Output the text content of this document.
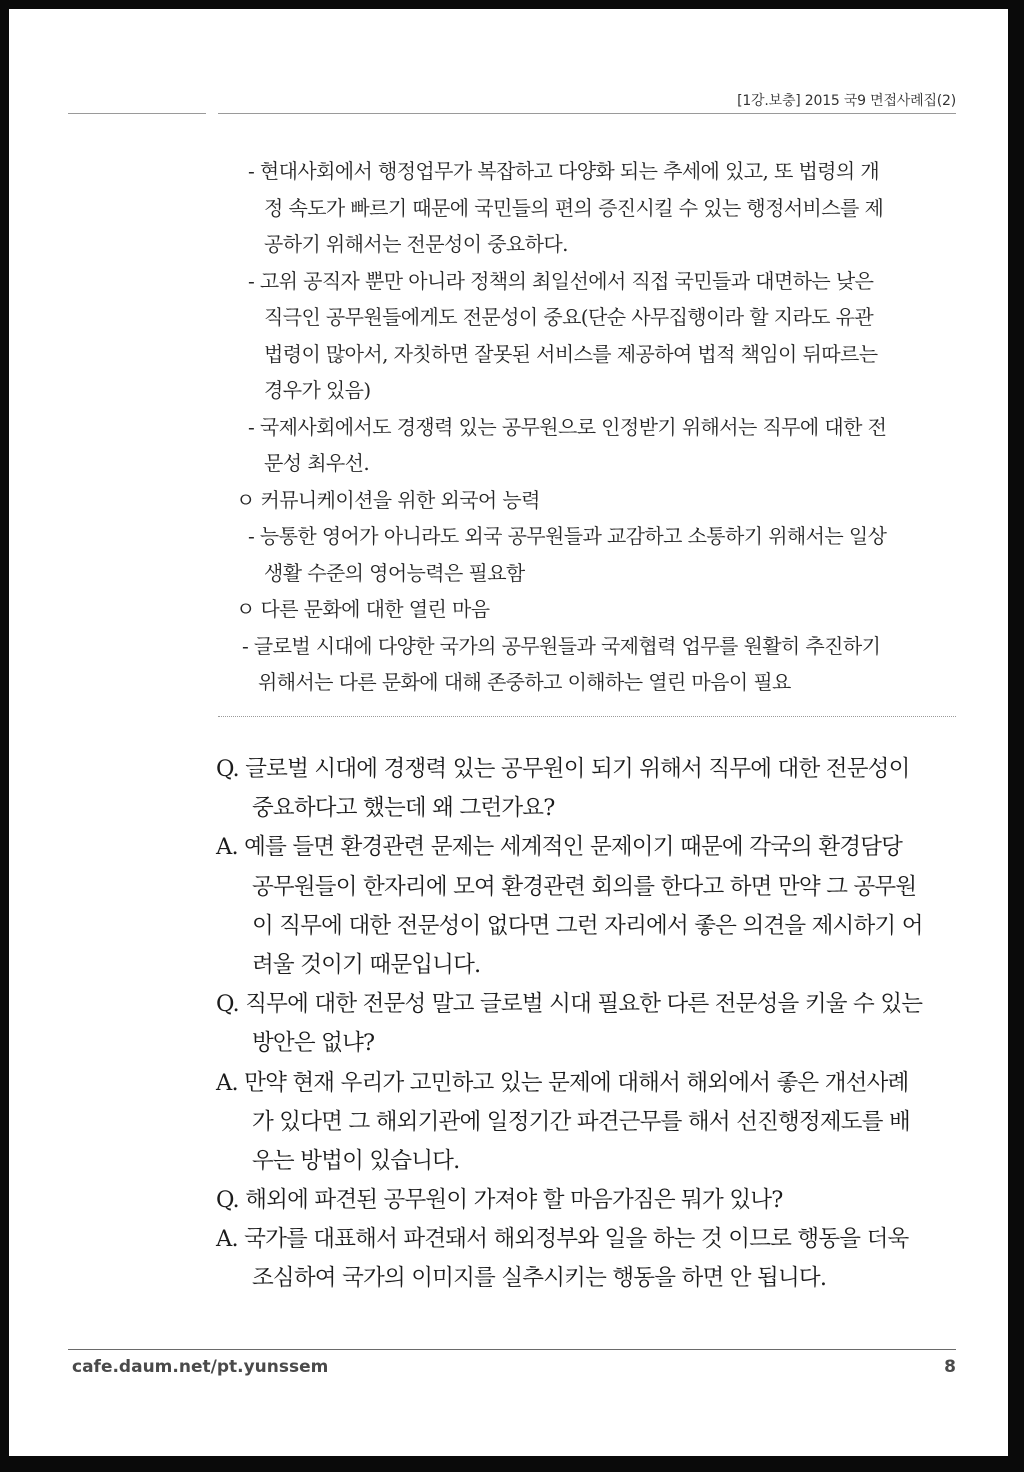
[1강.보충] 2015 국9 면접사례집(2)
- 현대사회에서 행정업무가 복잡하고 다양화 되는 추세에 있고, 또 법령의 개
정 속도가 빠르기 때문에 국민들의 편의 증진시킬 수 있는 행정서비스를 제
공하기 위해서는 전문성이 중요하다.
- 고위 공직자 뿐만 아니라 정책의 최일선에서 직접 국민들과 대면하는 낮은
직극인 공무원들에게도 전문성이 중요(단순 사무집행이라 할 지라도 유관
법령이 많아서, 자칫하면 잘못된 서비스를 제공하여 법적 책임이 뒤따르는
경우가 있음)
- 국제사회에서도 경쟁력 있는 공무원으로 인정받기 위해서는 직무에 대한 전
문성 최우선.
ㅇ 커뮤니케이션을 위한 외국어 능력
- 능통한 영어가 아니라도 외국 공무원들과 교감하고 소통하기 위해서는 일상
생활 수준의 영어능력은 필요함
ㅇ 다른 문화에 대한 열린 마음
- 글로벌 시대에 다양한 국가의 공무원들과 국제협력 업무를 원활히 추진하기
위해서는 다른 문화에 대해 존중하고 이해하는 열린 마음이 필요
Q. 글로벌 시대에 경쟁력 있는 공무원이 되기 위해서 직무에 대한 전문성이
중요하다고 했는데 왜 그런가요?
A. 예를 들면 환경관련 문제는 세계적인 문제이기 때문에 각국의 환경담당
공무원들이 한자리에 모여 환경관련 회의를 한다고 하면 만약 그 공무원
이 직무에 대한 전문성이 없다면 그런 자리에서 좋은 의견을 제시하기 어
려울 것이기 때문입니다.
Q. 직무에 대한 전문성 말고 글로벌 시대 필요한 다른 전문성을 키울 수 있는
방안은 없냐?
A. 만약 현재 우리가 고민하고 있는 문제에 대해서 해외에서 좋은 개선사례
가 있다면 그 해외기관에 일정기간 파견근무를 해서 선진행정제도를 배
우는 방법이 있습니다.
Q. 해외에 파견된 공무원이 가져야 할 마음가짐은 뭐가 있나?
A. 국가를 대표해서 파견돼서 해외정부와 일을 하는 것 이므로 행동을 더욱
조심하여 국가의 이미지를 실추시키는 행동을 하면 안 됩니다.
cafe.daum.net/pt.yunssem	8
